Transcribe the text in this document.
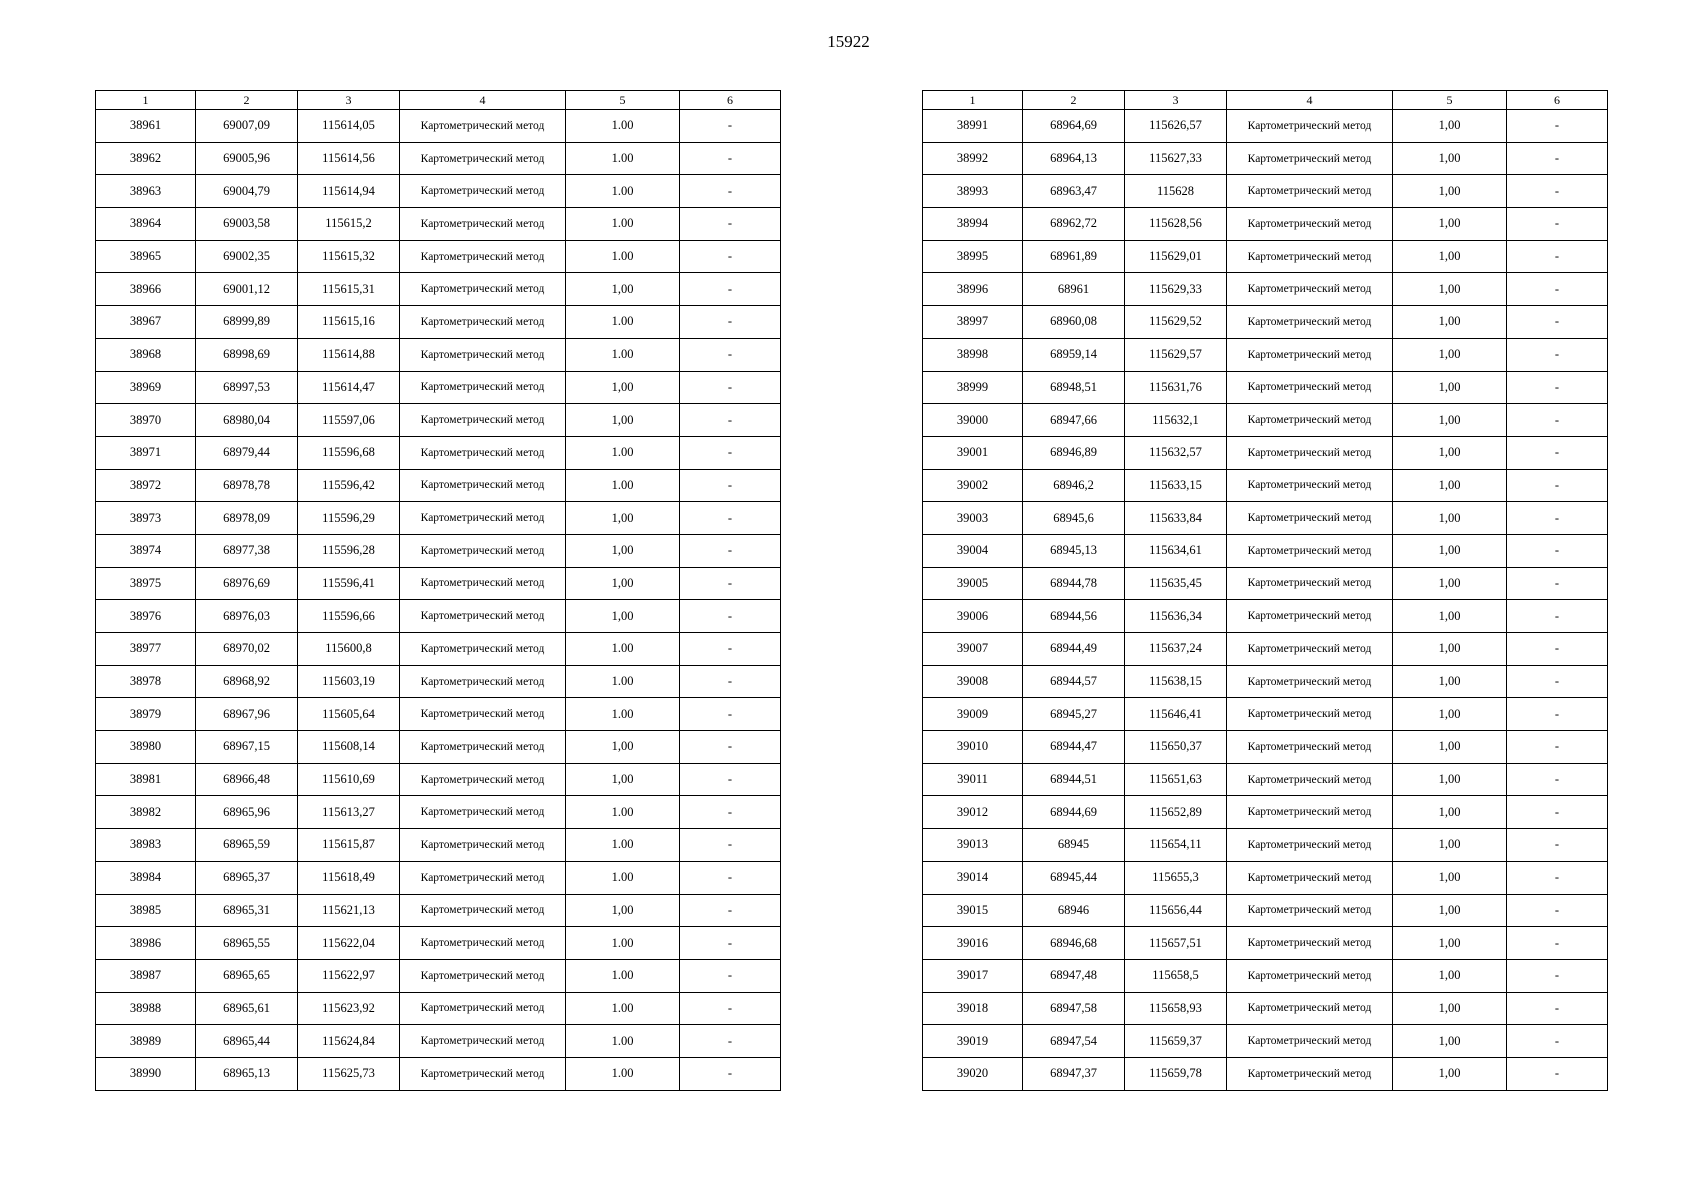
15922
1	2	3	4	5	6
38961	69007,09	115614,05	Картометрический метод	1.00	-
38962	69005,96	115614,56	Картометрический метод	1.00	-
38963	69004,79	115614,94	Картометрический метод	1.00	-
38964	69003,58	115615,2	Картометрический метод	1.00	-
38965	69002,35	115615,32	Картометрический метод	1.00	-
38966	69001,12	115615,31	Картометрический метод	1,00	-
38967	68999,89	115615,16	Картометрический метод	1.00	-
38968	68998,69	115614,88	Картометрический метод	1.00	-
38969	68997,53	115614,47	Картометрический метод	1,00	-
38970	68980,04	115597,06	Картометрический метод	1,00	-
38971	68979,44	115596,68	Картометрический метод	1.00	-
38972	68978,78	115596,42	Картометрический метод	1.00	-
38973	68978,09	115596,29	Картометрический метод	1,00	-
38974	68977,38	115596,28	Картометрический метод	1,00	-
38975	68976,69	115596,41	Картометрический метод	1,00	-
38976	68976,03	115596,66	Картометрический метод	1,00	-
38977	68970,02	115600,8	Картометрический метод	1.00	-
38978	68968,92	115603,19	Картометрический метод	1.00	-
38979	68967,96	115605,64	Картометрический метод	1.00	-
38980	68967,15	115608,14	Картометрический метод	1,00	-
38981	68966,48	115610,69	Картометрический метод	1,00	-
38982	68965,96	115613,27	Картометрический метод	1.00	-
38983	68965,59	115615,87	Картометрический метод	1.00	-
38984	68965,37	115618,49	Картометрический метод	1.00	-
38985	68965,31	115621,13	Картометрический метод	1,00	-
38986	68965,55	115622,04	Картометрический метод	1.00	-
38987	68965,65	115622,97	Картометрический метод	1.00	-
38988	68965,61	115623,92	Картометрический метод	1.00	-
38989	68965,44	115624,84	Картометрический метод	1.00	-
38990	68965,13	115625,73	Картометрический метод	1.00	-
1	2	3	4	5	6
38991	68964,69	115626,57	Картометрический метод	1,00	-
38992	68964,13	115627,33	Картометрический метод	1,00	-
38993	68963,47	115628	Картометрический метод	1,00	-
38994	68962,72	115628,56	Картометрический метод	1,00	-
38995	68961,89	115629,01	Картометрический метод	1,00	-
38996	68961	115629,33	Картометрический метод	1,00	-
38997	68960,08	115629,52	Картометрический метод	1,00	-
38998	68959,14	115629,57	Картометрический метод	1,00	-
38999	68948,51	115631,76	Картометрический метод	1,00	-
39000	68947,66	115632,1	Картометрический метод	1,00	-
39001	68946,89	115632,57	Картометрический метод	1,00	-
39002	68946,2	115633,15	Картометрический метод	1,00	-
39003	68945,6	115633,84	Картометрический метод	1,00	-
39004	68945,13	115634,61	Картометрический метод	1,00	-
39005	68944,78	115635,45	Картометрический метод	1,00	-
39006	68944,56	115636,34	Картометрический метод	1,00	-
39007	68944,49	115637,24	Картометрический метод	1,00	-
39008	68944,57	115638,15	Картометрический метод	1,00	-
39009	68945,27	115646,41	Картометрический метод	1,00	-
39010	68944,47	115650,37	Картометрический метод	1,00	-
39011	68944,51	115651,63	Картометрический метод	1,00	-
39012	68944,69	115652,89	Картометрический метод	1,00	-
39013	68945	115654,11	Картометрический метод	1,00	-
39014	68945,44	115655,3	Картометрический метод	1,00	-
39015	68946	115656,44	Картометрический метод	1,00	-
39016	68946,68	115657,51	Картометрический метод	1,00	-
39017	68947,48	115658,5	Картометрический метод	1,00	-
39018	68947,58	115658,93	Картометрический метод	1,00	-
39019	68947,54	115659,37	Картометрический метод	1,00	-
39020	68947,37	115659,78	Картометрический метод	1,00	-
